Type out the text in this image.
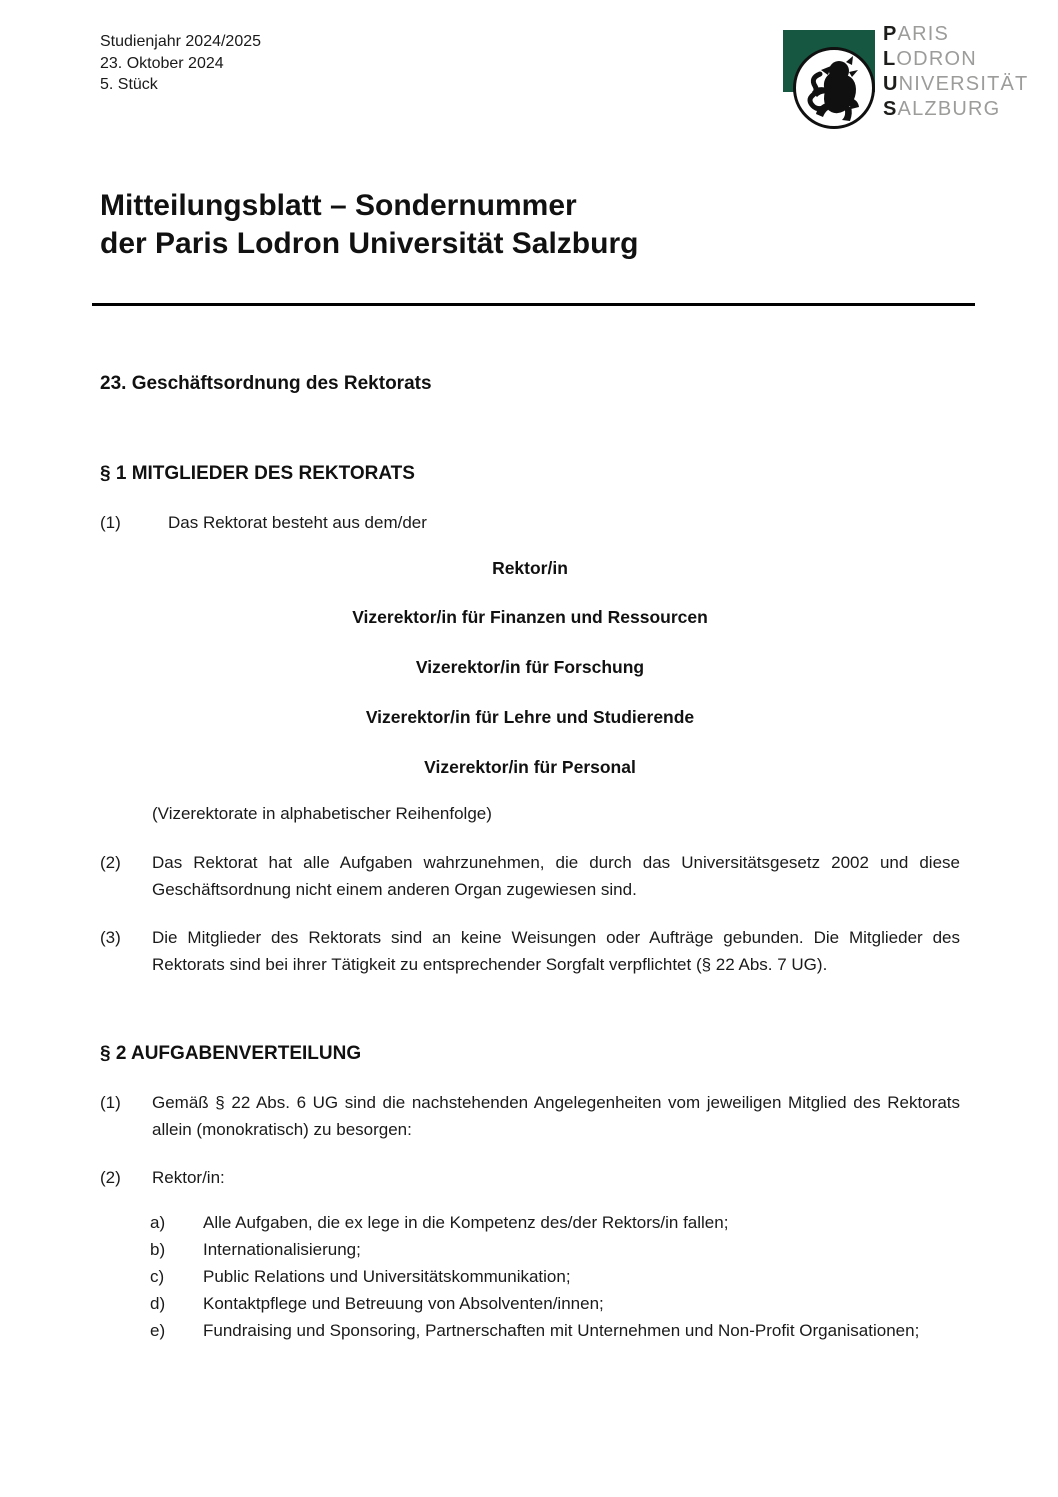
Studienjahr 2024/2025
23. Oktober 2024
5. Stück
PARIS
LODRON
UNIVERSITÄT
SALZBURG
Mitteilungsblatt – Sondernummer
der Paris Lodron Universität Salzburg
23. Geschäftsordnung des Rektorats
§ 1 MITGLIEDER DES REKTORATS
(1)	Das Rektorat besteht aus dem/der
Rektor/in
Vizerektor/in für Finanzen und Ressourcen
Vizerektor/in für Forschung
Vizerektor/in für Lehre und Studierende
Vizerektor/in für Personal
(Vizerektorate in alphabetischer Reihenfolge)
(2)	Das Rektorat hat alle Aufgaben wahrzunehmen, die durch das Universitätsgesetz 2002 und diese Geschäftsordnung nicht einem anderen Organ zugewiesen sind.
(3)	Die Mitglieder des Rektorats sind an keine Weisungen oder Aufträge gebunden. Die Mitglieder des Rektorats sind bei ihrer Tätigkeit zu entsprechender Sorgfalt verpflichtet (§ 22 Abs. 7 UG).
§ 2 AUFGABENVERTEILUNG
(1)	Gemäß § 22 Abs. 6 UG sind die nachstehenden Angelegenheiten vom jeweiligen Mitglied des Rektorats allein (monokratisch) zu besorgen:
(2)	Rektor/in:
a)	Alle Aufgaben, die ex lege in die Kompetenz des/der Rektors/in fallen;
b)	Internationalisierung;
c)	Public Relations und Universitätskommunikation;
d)	Kontaktpflege und Betreuung von Absolventen/innen;
e)	Fundraising und Sponsoring, Partnerschaften mit Unternehmen und Non-Profit Organisationen;
